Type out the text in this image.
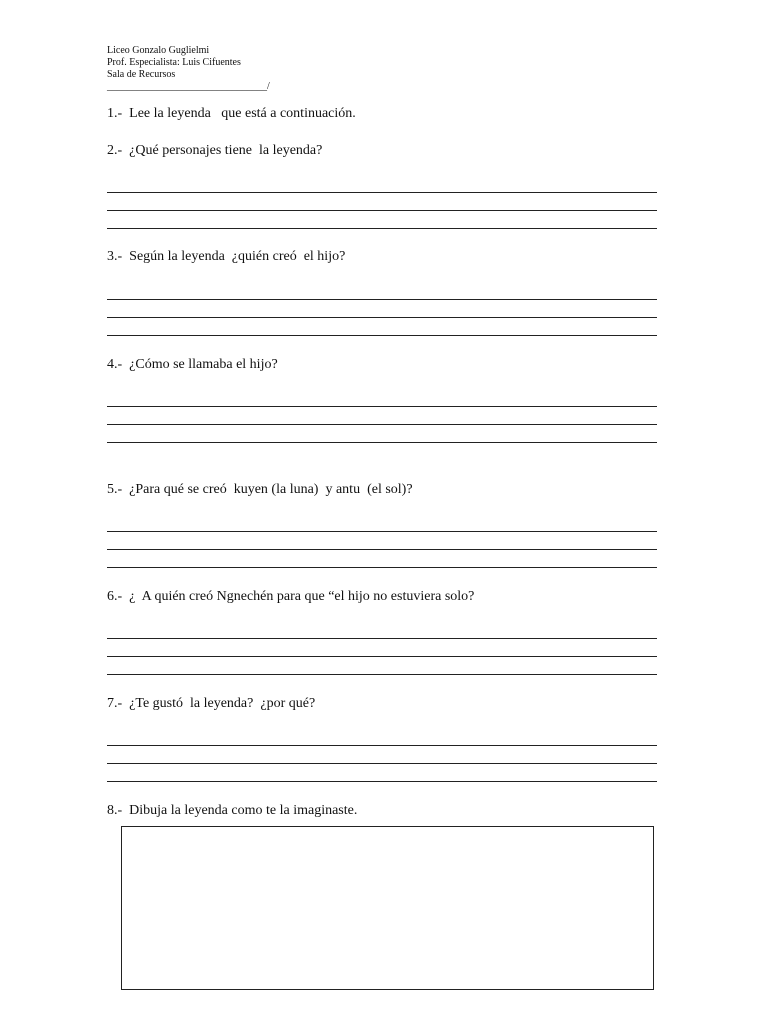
Liceo Gonzalo Guglielmi
Prof. Especialista: Luis Cifuentes
Sala de Recursos
________________________________/
1.-  Lee la leyenda   que está a continuación.
2.-  ¿Qué personajes tiene  la leyenda?
3.-  Según la leyenda  ¿quién creó  el hijo?
4.-  ¿Cómo se llamaba el hijo?
5.-  ¿Para qué se creó  kuyen (la luna)  y antu  (el sol)?
6.-  ¿  A quién creó Ngnechén para que “el hijo no estuviera solo?
7.-  ¿Te gustó  la leyenda?  ¿por qué?
8.-  Dibuja la leyenda como te la imaginaste.
